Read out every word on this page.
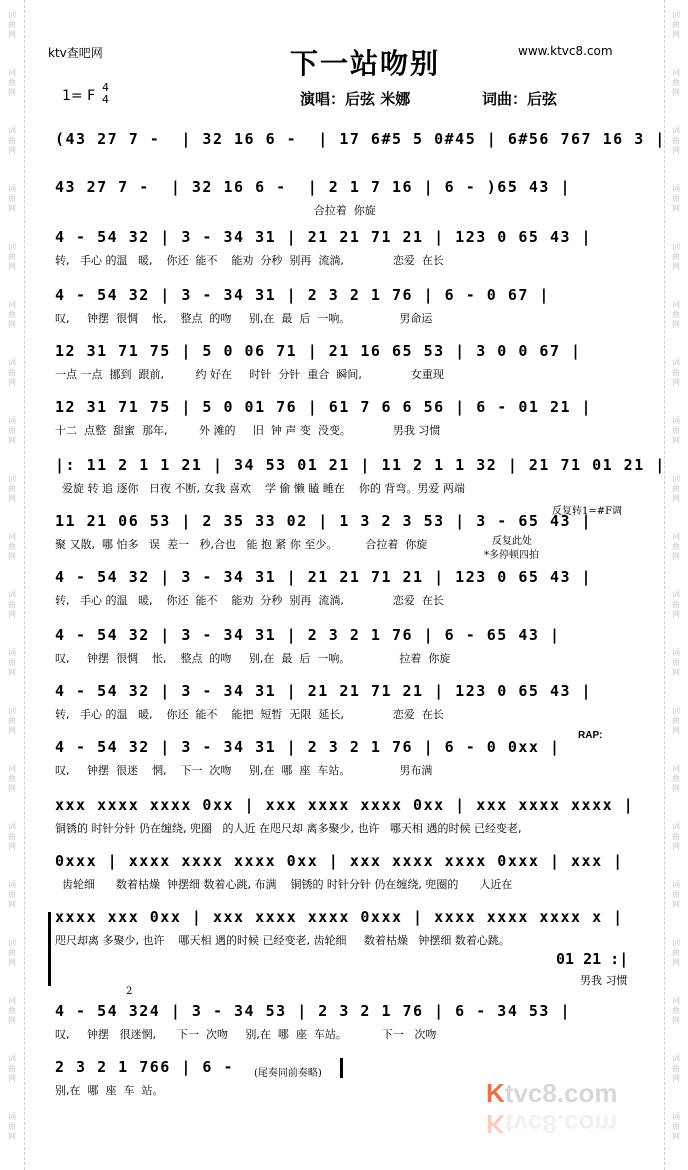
词
曲
网
词
曲
网
词
曲
网
词
曲
网
词
曲
网
词
曲
网
词
曲
网
词
曲
网
词
曲
网
词
曲
网
词
曲
网
词
曲
网
词
曲
网
词
曲
网
词
曲
网
词
曲
网
词
曲
网
词
曲
网
词
曲
网
词
曲
网
词
曲
网
词
曲
网
词
曲
网
词
曲
网
词
曲
网
词
曲
网
词
曲
网
词
曲
网
词
曲
网
词
曲
网
词
曲
网
词
曲
网
词
曲
网
词
曲
网
词
曲
网
词
曲
网
词
曲
网
词
曲
网
词
曲
网
词
曲
网
ktv查吧网	www.ktvc8.com
下一站吻别
1= F
4
4	演唱：后弦 米娜	词曲：后弦
(43 27 7 -  | 32 16 6 -  | 17 6#5 5 0#45 | 6#56 767 16 3 |
43 27 7 -  | 32 16 6 -  | 2 1 7 16 | 6 - )65 43 |
合拉着  你旋
4 - 54 32 | 3 - 34 31 | 21 21 71 21 | 123 0 65 43 |
转,   手心 的温   暖,    你还  能不    能劝  分秒  别再  流淌,              恋爱  在长
4 - 54 32 | 3 - 34 31 | 2 3 2 1 76 | 6 - 0 67 |
叹,     钟摆  很惆    怅,    整点  的吻     别,在  最  后  一响。              男命运
12 31 71 75 | 5 0 06 71 | 21 16 65 53 | 3 0 0 67 |
一点 一点  挪到  跟前,         约 好在     时针  分针  重合  瞬间,              女重现
12 31 71 75 | 5 0 01 76 | 61 7 6 6 56 | 6 - 01 21 |
十二  点整  甜蜜  那年,         外 滩的     旧  钟 声 变  没变。            男我 习惯
|: 11 2 1 1 21 | 34 53 01 21 | 11 2 1 1 32 | 21 71 01 21 |
爱旋 转 追 逐你   日夜 不断, 女我 喜欢    学 偷 懒 瞌 睡在    你的 背弯。男爱 两端
11 21 06 53 | 2 35 33 02 | 1 3 2 3 53 | 3 - 65 43 |
聚 又散,  哪 怕多   误  差一   秒,合也   能 抱 紧 你 至少。        合拉着  你旋
4 - 54 32 | 3 - 34 31 | 21 21 71 21 | 123 0 65 43 |
转,   手心 的温   暖,    你还  能不    能劝  分秒  别再  流淌,              恋爱  在长
4 - 54 32 | 3 - 34 31 | 2 3 2 1 76 | 6 - 65 43 |
叹,     钟摆  很惆    怅,    整点  的吻     别,在  最  后  一响。              拉着  你旋
4 - 54 32 | 3 - 34 31 | 21 21 71 21 | 123 0 65 43 |
转,   手心 的温   暖,    你还  能不    能把  短暂  无限  延长,              恋爱  在长
4 - 54 32 | 3 - 34 31 | 2 3 2 1 76 | 6 - 0 0xx |
叹,     钟摆  很迷    惘,    下一  次吻     别,在  哪  座  车站。              男布满
xxx xxxx xxxx 0xx | xxx xxxx xxxx 0xx | xxx xxxx xxxx |
铜锈的 时针分针 仍在缠绕, 兜圈   的人近 在咫尺却 离多聚少, 也许   哪天相 遇的时候 已经变老,
0xxx | xxxx xxxx xxxx 0xx | xxx xxxx xxxx 0xxx | xxx |
齿轮细      数着枯燥  钟摆细 数着心跳, 布满    铜锈的 时针分针 仍在缠绕, 兜圈的      人近在
xxxx xxx 0xx | xxx xxxx xxxx 0xxx | xxxx xxxx xxxx x |
咫尺却离 多聚少, 也许    哪天相 遇的时候 已经变老, 齿轮细     数着枯燥   钟摆细 数着心跳。
4 - 54 324 | 3 - 34 53 | 2 3 2 1 76 | 6 - 34 53 |
叹,     钟摆   很迷惘,      下一  次吻     别,在  哪  座  车站。          下一   次吻
2 3 2 1 766 | 6 -
别,在  哪  座  车  站。
反复转1=#F调
反复此处
*多停顿四拍
RAP:
01 21 :|
男我 习惯
2
(尾奏同前奏略)
Ktvc8.com
Ktvc8.com
